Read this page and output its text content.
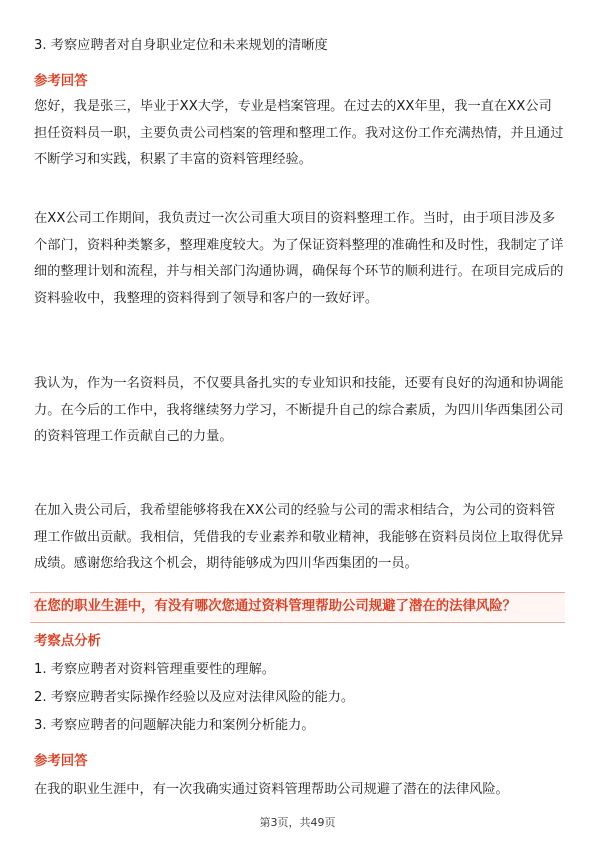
3. 考察应聘者对自身职业定位和未来规划的清晰度
参考回答
您好，我是张三，毕业于XX大学，专业是档案管理。在过去的XX年里，我一直在XX公司担任资料员一职，主要负责公司档案的管理和整理工作。我对这份工作充满热情，并且通过不断学习和实践，积累了丰富的资料管理经验。
在XX公司工作期间，我负责过一次公司重大项目的资料整理工作。当时，由于项目涉及多个部门，资料种类繁多，整理难度较大。为了保证资料整理的准确性和及时性，我制定了详细的整理计划和流程，并与相关部门沟通协调，确保每个环节的顺利进行。在项目完成后的资料验收中，我整理的资料得到了领导和客户的一致好评。
我认为，作为一名资料员，不仅要具备扎实的专业知识和技能，还要有良好的沟通和协调能力。在今后的工作中，我将继续努力学习，不断提升自己的综合素质，为四川华西集团公司的资料管理工作贡献自己的力量。
在加入贵公司后，我希望能够将我在XX公司的经验与公司的需求相结合，为公司的资料管理工作做出贡献。我相信，凭借我的专业素养和敬业精神，我能够在资料员岗位上取得优异成绩。感谢您给我这个机会，期待能够成为四川华西集团的一员。
在您的职业生涯中，有没有哪次您通过资料管理帮助公司规避了潜在的法律风险？
考察点分析
1. 考察应聘者对资料管理重要性的理解。
2. 考察应聘者实际操作经验以及应对法律风险的能力。
3. 考察应聘者的问题解决能力和案例分析能力。
参考回答
在我的职业生涯中，有一次我确实通过资料管理帮助公司规避了潜在的法律风险。
第3页，共49页
